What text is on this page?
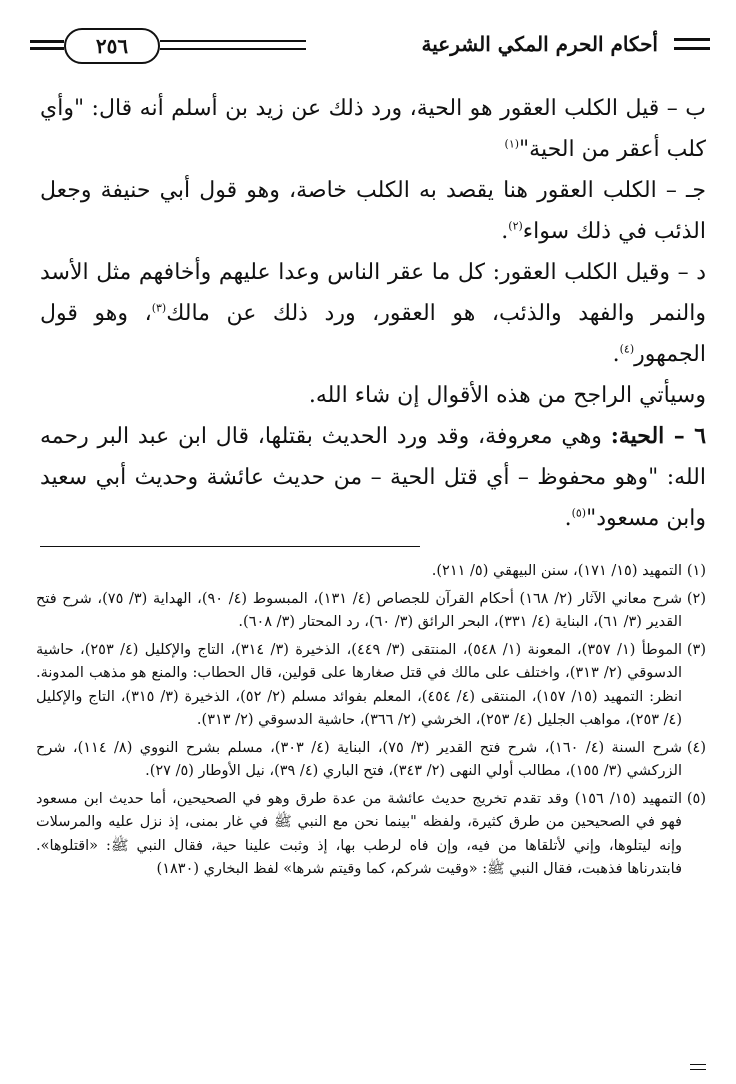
أحكام الحرم المكي الشرعية
٢٥٦

ب – قيل الكلب العقور هو الحية، ورد ذلك عن زيد بن أسلم أنه قال: "وأي كلب أعقر من الحية"$^{(١)}$

جـ – الكلب العقور هنا يقصد به الكلب خاصة، وهو قول أبي حنيفة وجعل الذئب في ذلك سواء$^{(٢)}$.

د – وقيل الكلب العقور: كل ما عقر الناس وعدا عليهم وأخافهم مثل الأسد والنمر والفهد والذئب، هو العقور، ورد ذلك عن مالك$^{(٣)}$، وهو قول الجمهور$^{(٤)}$.

وسيأتي الراجح من هذه الأقوال إن شاء الله.

٦ – الحية: وهي معروفة، وقد ورد الحديث بقتلها، قال ابن عبد البر رحمه الله: "وهو محفوظ – أي قتل الحية – من حديث عائشة وحديث أبي سعيد وابن مسعود"$^{(٥)}$.

(١)
التمهيد (١٥/ ١٧١)، سنن البيهقي (٥/ ٢١١).
(٢)
شرح معاني الآثار (٢/ ١٦٨) أحكام القرآن للجصاص (٤/ ١٣١)، المبسوط (٤/ ٩٠)، الهداية (٣/ ٧٥)، شرح فتح القدير (٣/ ٦١)، البناية (٤/ ٣٣١)، البحر الرائق (٣/ ٦٠)، رد المحتار (٣/ ٦٠٨).
(٣)
الموطأ (١/ ٣٥٧)، المعونة (١/ ٥٤٨)، المنتقى (٣/ ٤٤٩)، الذخيرة (٣/ ٣١٤)، التاج والإكليل (٤/ ٢٥٣)، حاشية الدسوقي (٢/ ٣١٣)، واختلف على مالك في قتل صغارها على قولين، قال الحطاب: والمنع هو مذهب المدونة. انظر: التمهيد (١٥/ ١٥٧)، المنتقى (٤/ ٤٥٤)، المعلم بفوائد مسلم (٢/ ٥٢)، الذخيرة (٣/ ٣١٥)، التاج والإكليل (٤/ ٢٥٣)، مواهب الجليل (٤/ ٢٥٣)، الخرشي (٢/ ٣٦٦)، حاشية الدسوقي (٢/ ٣١٣).
(٤)
شرح السنة (٤/ ١٦٠)، شرح فتح القدير (٣/ ٧٥)، البناية (٤/ ٣٠٣)، مسلم بشرح النووي (٨/ ١١٤)، شرح الزركشي (٣/ ١٥٥)، مطالب أولي النهى (٢/ ٣٤٣)، فتح الباري (٤/ ٣٩)، نيل الأوطار (٥/ ٢٧).
(٥)
التمهيد (١٥/ ١٥٦) وقد تقدم تخريج حديث عائشة من عدة طرق وهو في الصحيحين، أما حديث ابن مسعود فهو في الصحيحين من طرق كثيرة، ولفظه "بينما نحن مع النبي ﷺ في غار بمنى، إذ نزل عليه والمرسلات وإنه ليتلوها، وإني لأتلقاها من فيه، وإن فاه لرطب بها، إذ وثبت علينا حية، فقال النبي ﷺ: «اقتلوها». فابتدرناها فذهبت، فقال النبي ﷺ: «وقيت شركم، كما وقيتم شرها» لفظ البخاري (١٨٣٠)
